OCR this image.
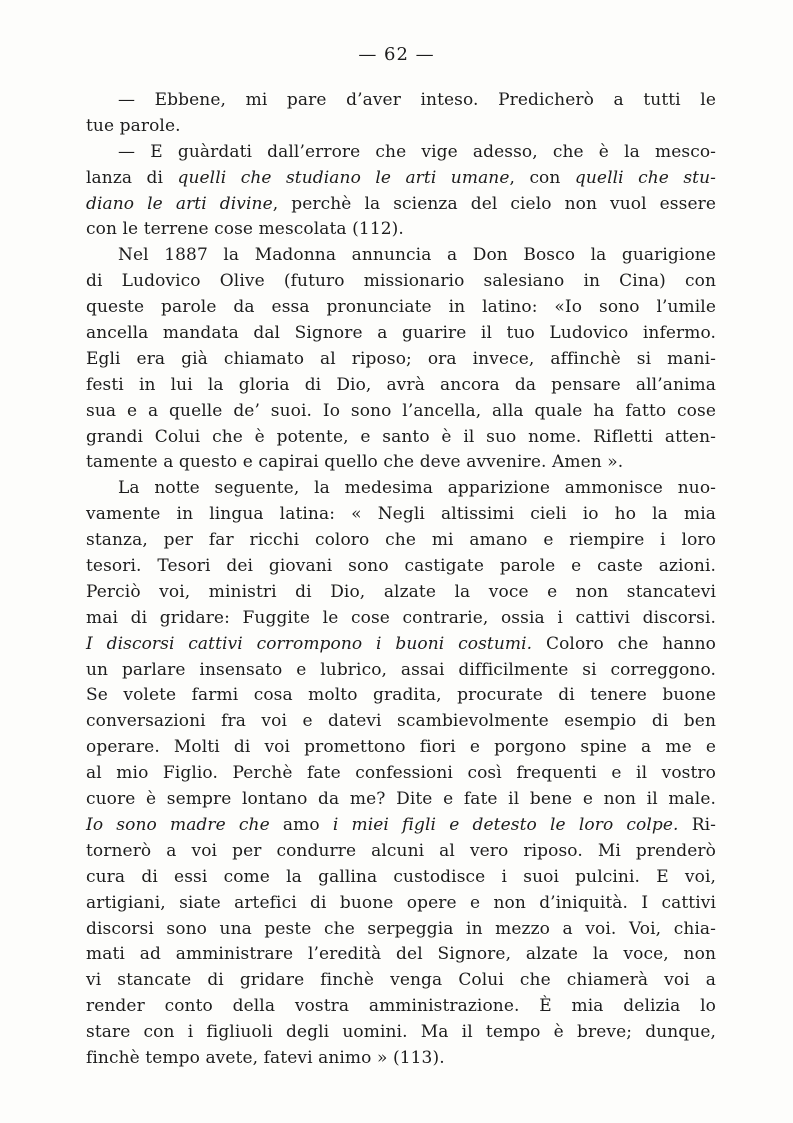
— 62 —
— Ebbene, mi pare d’aver inteso. Predicherò a tutti le
tue parole.
— E guàrdati dall’errore che vige adesso, che è la mesco-
lanza di quelli che studiano le arti umane, con quelli che stu-
diano le arti divine, perchè la scienza del cielo non vuol essere
con le terrene cose mescolata (112).
Nel 1887 la Madonna annuncia a Don Bosco la guarigione
di Ludovico Olive (futuro missionario salesiano in Cina) con
queste parole da essa pronunciate in latino: «Io sono l’umile
ancella mandata dal Signore a guarire il tuo Ludovico infermo.
Egli era già chiamato al riposo; ora invece, affinchè si mani-
festi in lui la gloria di Dio, avrà ancora da pensare all’anima
sua e a quelle de’ suoi. Io sono l’ancella, alla quale ha fatto cose
grandi Colui che è potente, e santo è il suo nome. Rifletti atten-
tamente a questo e capirai quello che deve avvenire. Amen ».
La notte seguente, la medesima apparizione ammonisce nuo-
vamente in lingua latina: « Negli altissimi cieli io ho la mia
stanza, per far ricchi coloro che mi amano e riempire i loro
tesori. Tesori dei giovani sono castigate parole e caste azioni.
Perciò voi, ministri di Dio, alzate la voce e non stancatevi
mai di gridare: Fuggite le cose contrarie, ossia i cattivi discorsi.
I discorsi cattivi corrompono i buoni costumi. Coloro che hanno
un parlare insensato e lubrico, assai difficilmente si correggono.
Se volete farmi cosa molto gradita, procurate di tenere buone
conversazioni fra voi e datevi scambievolmente esempio di ben
operare. Molti di voi promettono fiori e porgono spine a me e
al mio Figlio. Perchè fate confessioni così frequenti e il vostro
cuore è sempre lontano da me? Dite e fate il bene e non il male.
Io sono madre che amo i miei figli e detesto le loro colpe. Ri-
tornerò a voi per condurre alcuni al vero riposo. Mi prenderò
cura di essi come la gallina custodisce i suoi pulcini. E voi,
artigiani, siate artefici di buone opere e non d’iniquità. I cattivi
discorsi sono una peste che serpeggia in mezzo a voi. Voi, chia-
mati ad amministrare l’eredità del Signore, alzate la voce, non
vi stancate di gridare finchè venga Colui che chiamerà voi a
render conto della vostra amministrazione. È mia delizia lo
stare con i figliuoli degli uomini. Ma il tempo è breve; dunque,
finchè tempo avete, fatevi animo » (113).
